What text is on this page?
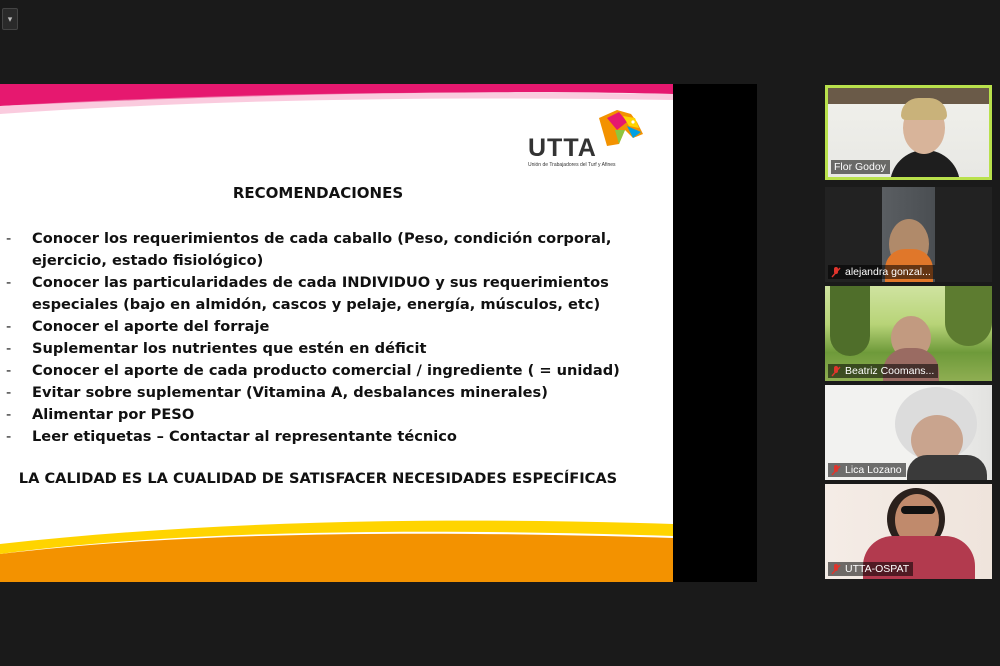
▾
UTTA
Unión de Trabajadores del Turf y Afines
RECOMENDACIONES
-	Conocer los requerimientos de cada caballo (Peso, condición corporal,
ejercicio, estado fisiológico)
-	Conocer las particularidades de cada INDIVIDUO y sus requerimientos
especiales (bajo en almidón, cascos y pelaje, energía, músculos, etc)
-	Conocer el aporte del forraje
-	Suplementar los nutrientes que estén en déficit
-	Conocer el aporte de cada producto comercial / ingrediente ( = unidad)
-	Evitar sobre suplementar (Vitamina A, desbalances minerales)
-	Alimentar por PESO
-	Leer etiquetas – Contactar al representante técnico
LA CALIDAD ES LA CUALIDAD DE SATISFACER NECESIDADES ESPECÍFICAS
Flor Godoy
alejandra gonzal...
Beatriz Coomans...
Lica Lozano
UTTA-OSPAT
